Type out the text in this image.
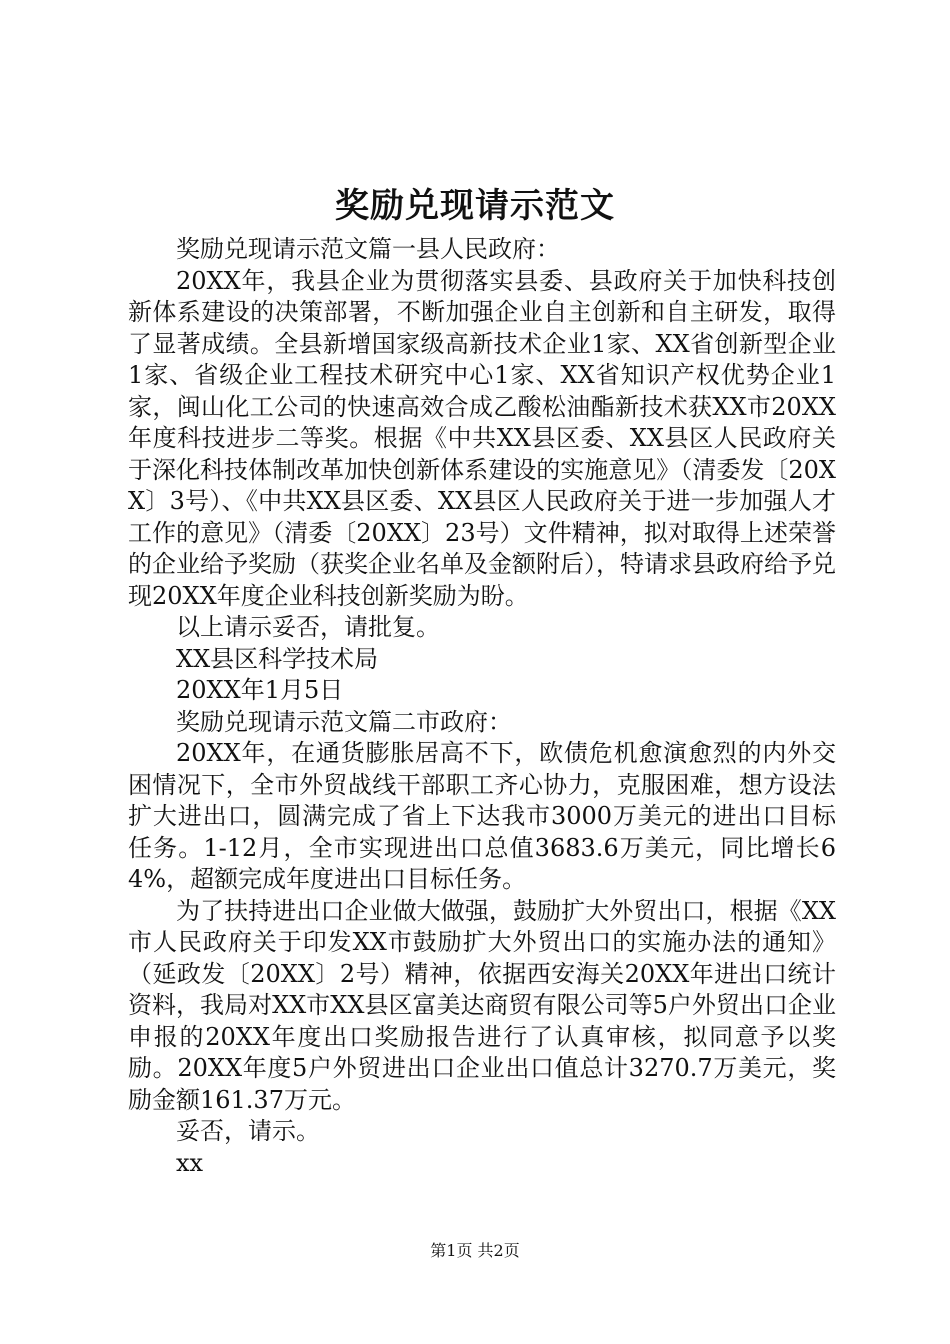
奖励兑现请示范文

奖励兑现请示范文篇一县人民政府：

20XX年，我县企业为贯彻落实县委、县政府关于加快科技创新体系建设的决策部署，不断加强企业自主创新和自主研发，取得了显著成绩。全县新增国家级高新技术企业1家、XX省创新型企业1家、省级企业工程技术研究中心1家、XX省知识产权优势企业1家，闽山化工公司的快速高效合成乙酸松油酯新技术获XX市20XX年度科技进步二等奖。根据《中共XX县区委、XX县区人民政府关于深化科技体制改革加快创新体系建设的实施意见》（清委发〔20XX〕3号）、《中共XX县区委、XX县区人民政府关于进一步加强人才工作的意见》（清委〔20XX〕23号）文件精神，拟对取得上述荣誉的企业给予奖励（获奖企业名单及金额附后），特请求县政府给予兑现20XX年度企业科技创新奖励为盼。

以上请示妥否，请批复。

XX县区科学技术局

20XX年1月5日

奖励兑现请示范文篇二市政府：

20XX年，在通货膨胀居高不下，欧债危机愈演愈烈的内外交困情况下，全市外贸战线干部职工齐心协力，克服困难，想方设法扩大进出口，圆满完成了省上下达我市3000万美元的进出口目标任务。1-12月，全市实现进出口总值3683.6万美元，同比增长64%，超额完成年度进出口目标任务。

为了扶持进出口企业做大做强，鼓励扩大外贸出口，根据《XX市人民政府关于印发XX市鼓励扩大外贸出口的实施办法的通知》（延政发〔20XX〕2号）精神，依据西安海关20XX年进出口统计资料，我局对XX市XX县区富美达商贸有限公司等5户外贸出口企业申报的20XX年度出口奖励报告进行了认真审核，拟同意予以奖励。20XX年度5户外贸进出口企业出口值总计3270.7万美元，奖励金额161.37万元。

妥否，请示。

xx

第1页 共2页
